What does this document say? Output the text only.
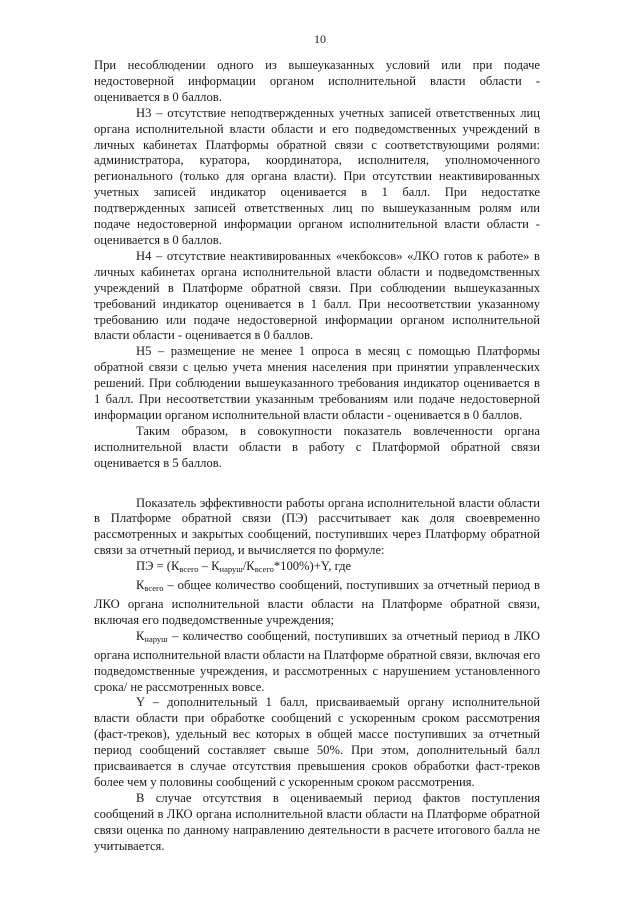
10

При несоблюдении одного из вышеуказанных условий или при подаче недостоверной информации органом исполнительной власти области - оценивается в 0 баллов.

Н3 – отсутствие неподтвержденных учетных записей ответственных лиц органа исполнительной власти области и его подведомственных учреждений в личных кабинетах Платформы обратной связи с соответствующими ролями: администратора, куратора, координатора, исполнителя, уполномоченного регионального (только для органа власти). При отсутствии неактивированных учетных записей индикатор оценивается в 1 балл. При недостатке подтвержденных записей ответственных лиц по вышеуказанным ролям или подаче недостоверной информации органом исполнительной власти области - оценивается в 0 баллов.

Н4 – отсутствие неактивированных «чекбоксов» «ЛКО готов к работе» в личных кабинетах органа исполнительной власти области и подведомственных учреждений в Платформе обратной связи. При соблюдении вышеуказанных требований индикатор оценивается в 1 балл. При несоответствии указанному требованию или подаче недостоверной информации органом исполнительной власти области - оценивается в 0 баллов.

Н5 – размещение не менее 1 опроса в месяц с помощью Платформы обратной связи с целью учета мнения населения при принятии управленческих решений. При соблюдении вышеуказанного требования индикатор оценивается в 1 балл. При несоответствии указанным требованиям или подаче недостоверной информации органом исполнительной власти области - оценивается в 0 баллов.

Таким образом, в совокупности показатель вовлеченности органа исполнительной власти области в работу с Платформой обратной связи оценивается в 5 баллов.

Показатель эффективности работы органа исполнительной власти области в Платформе обратной связи (ПЭ) рассчитывает как доля своевременно рассмотренных и закрытых сообщений, поступивших через Платформу обратной связи за отчетный период, и вычисляется по формуле:

ПЭ = $(К_{всего} - К_{наруш}/К_{всего}*100\%)+Y$, где

$К_{всего}$ – общее количество сообщений, поступивших за отчетный период в ЛКО органа исполнительной власти области на Платформе обратной связи, включая его подведомственные учреждения;

$К_{наруш}$ – количество сообщений, поступивших за отчетный период в ЛКО органа исполнительной власти области на Платформе обратной связи, включая его подведомственные учреждения, и рассмотренных с нарушением установленного срока/ не рассмотренных вовсе.

Y – дополнительный 1 балл, присваиваемый органу исполнительной власти области при обработке сообщений с ускоренным сроком рассмотрения (фаст-треков), удельный вес которых в общей массе поступивших за отчетный период сообщений составляет свыше 50%. При этом, дополнительный балл присваивается в случае отсутствия превышения сроков обработки фаст-треков более чем у половины сообщений с ускоренным сроком рассмотрения.

В случае отсутствия в оцениваемый период фактов поступления сообщений в ЛКО органа исполнительной власти области на Платформе обратной связи оценка по данному направлению деятельности в расчете итогового балла не учитывается.
